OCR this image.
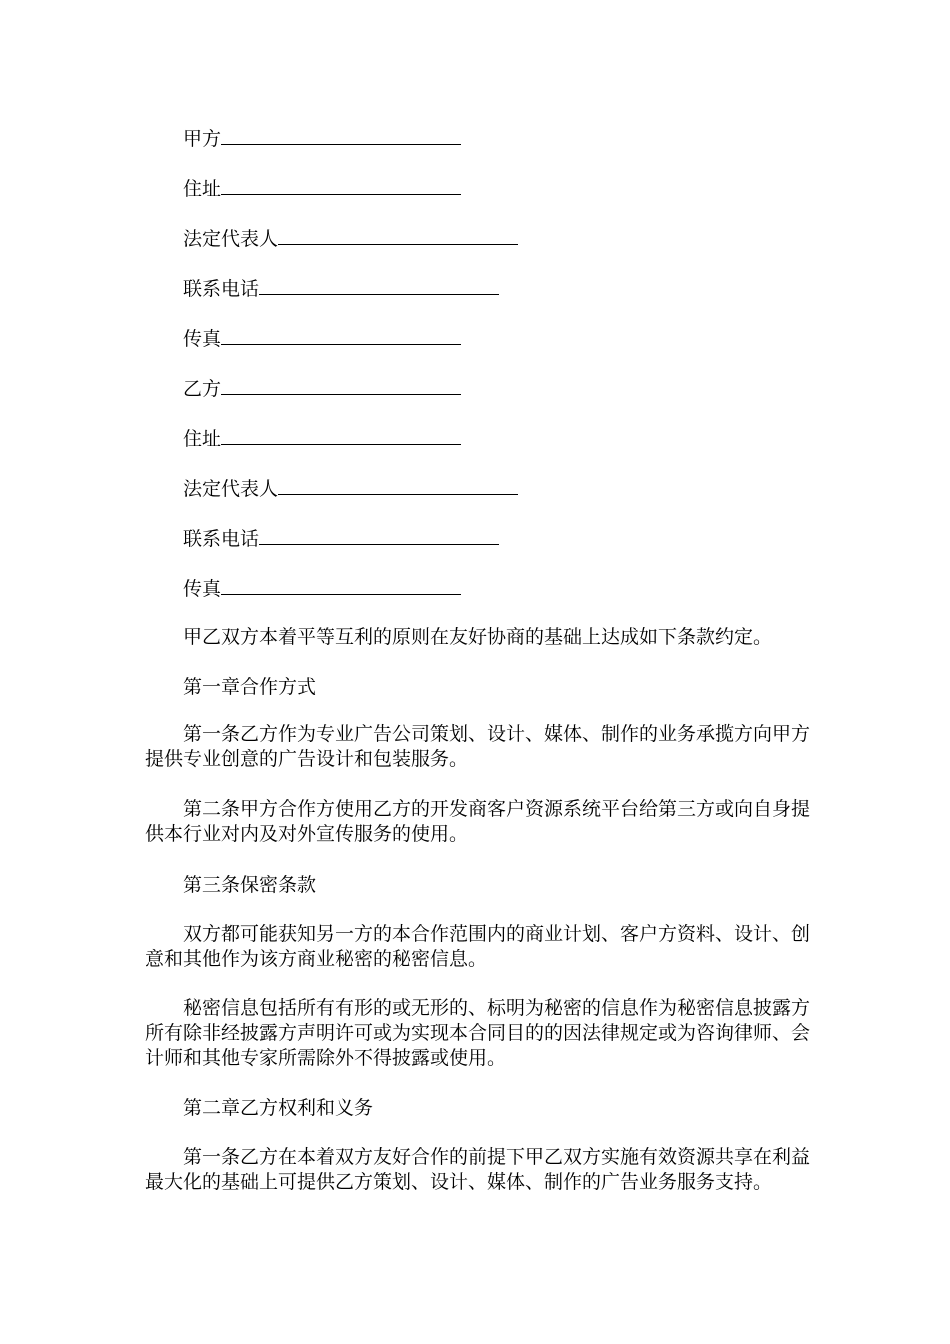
甲方
住址
法定代表人
联系电话
传真
乙方
住址
法定代表人
联系电话
传真

甲乙双方本着平等互利的原则在友好协商的基础上达成如下条款约定。

第一章合作方式

第一条乙方作为专业广告公司策划、设计、媒体、制作的业务承揽方向甲方提供专业创意的广告设计和包装服务。

第二条甲方合作方使用乙方的开发商客户资源系统平台给第三方或向自身提供本行业对内及对外宣传服务的使用。

第三条保密条款

双方都可能获知另一方的本合作范围内的商业计划、客户方资料、设计、创意和其他作为该方商业秘密的秘密信息。

秘密信息包括所有有形的或无形的、标明为秘密的信息作为秘密信息披露方所有除非经披露方声明许可或为实现本合同目的的因法律规定或为咨询律师、会计师和其他专家所需除外不得披露或使用。

第二章乙方权利和义务

第一条乙方在本着双方友好合作的前提下甲乙双方实施有效资源共享在利益最大化的基础上可提供乙方策划、设计、媒体、制作的广告业务服务支持。
